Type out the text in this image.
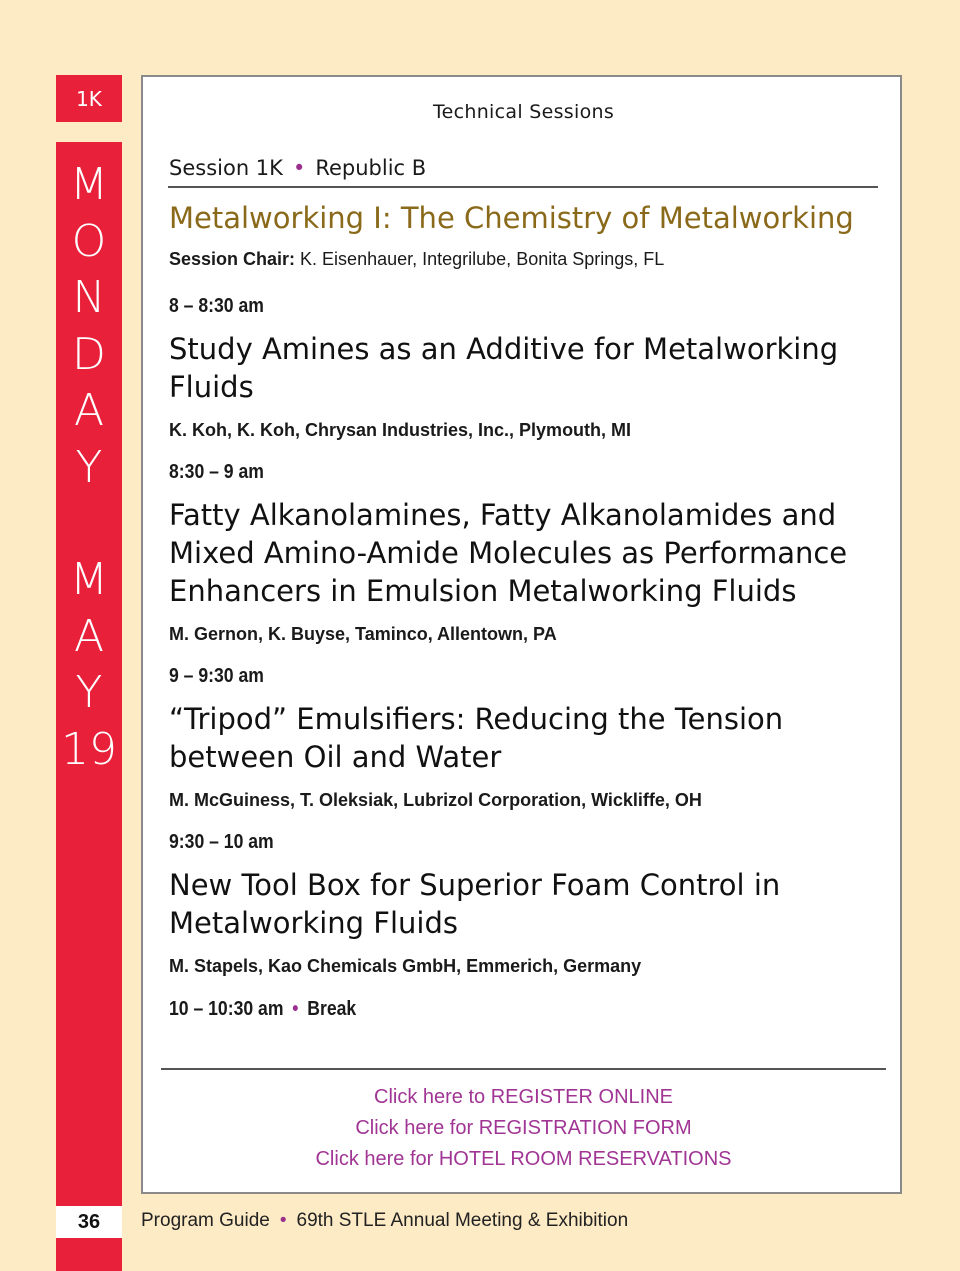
1K
M
O
N
D
A
Y
M
A
Y
19
36
Technical Sessions
Session 1K • Republic B
Metalworking I: The Chemistry of Metalworking
Session Chair: K. Eisenhauer, Integrilube, Bonita Springs, FL
8 – 8:30 am
Study Amines as an Additive for Metalworking Fluids
K. Koh, K. Koh, Chrysan Industries, Inc., Plymouth, MI
8:30 – 9 am
Fatty Alkanolamines, Fatty Alkanolamides and Mixed Amino-Amide Molecules as Performance Enhancers in Emulsion Metalworking Fluids
M. Gernon, K. Buyse, Taminco, Allentown, PA
9 – 9:30 am
“Tripod” Emulsifiers: Reducing the Tension between Oil and Water
M. McGuiness, T. Oleksiak, Lubrizol Corporation, Wickliffe, OH
9:30 – 10 am
New Tool Box for Superior Foam Control in Metalworking Fluids
M. Stapels, Kao Chemicals GmbH, Emmerich, Germany
10 – 10:30 am • Break
Click here to REGISTER ONLINE
Click here for REGISTRATION FORM
Click here for HOTEL ROOM RESERVATIONS
Program Guide • 69th STLE Annual Meeting & Exhibition
